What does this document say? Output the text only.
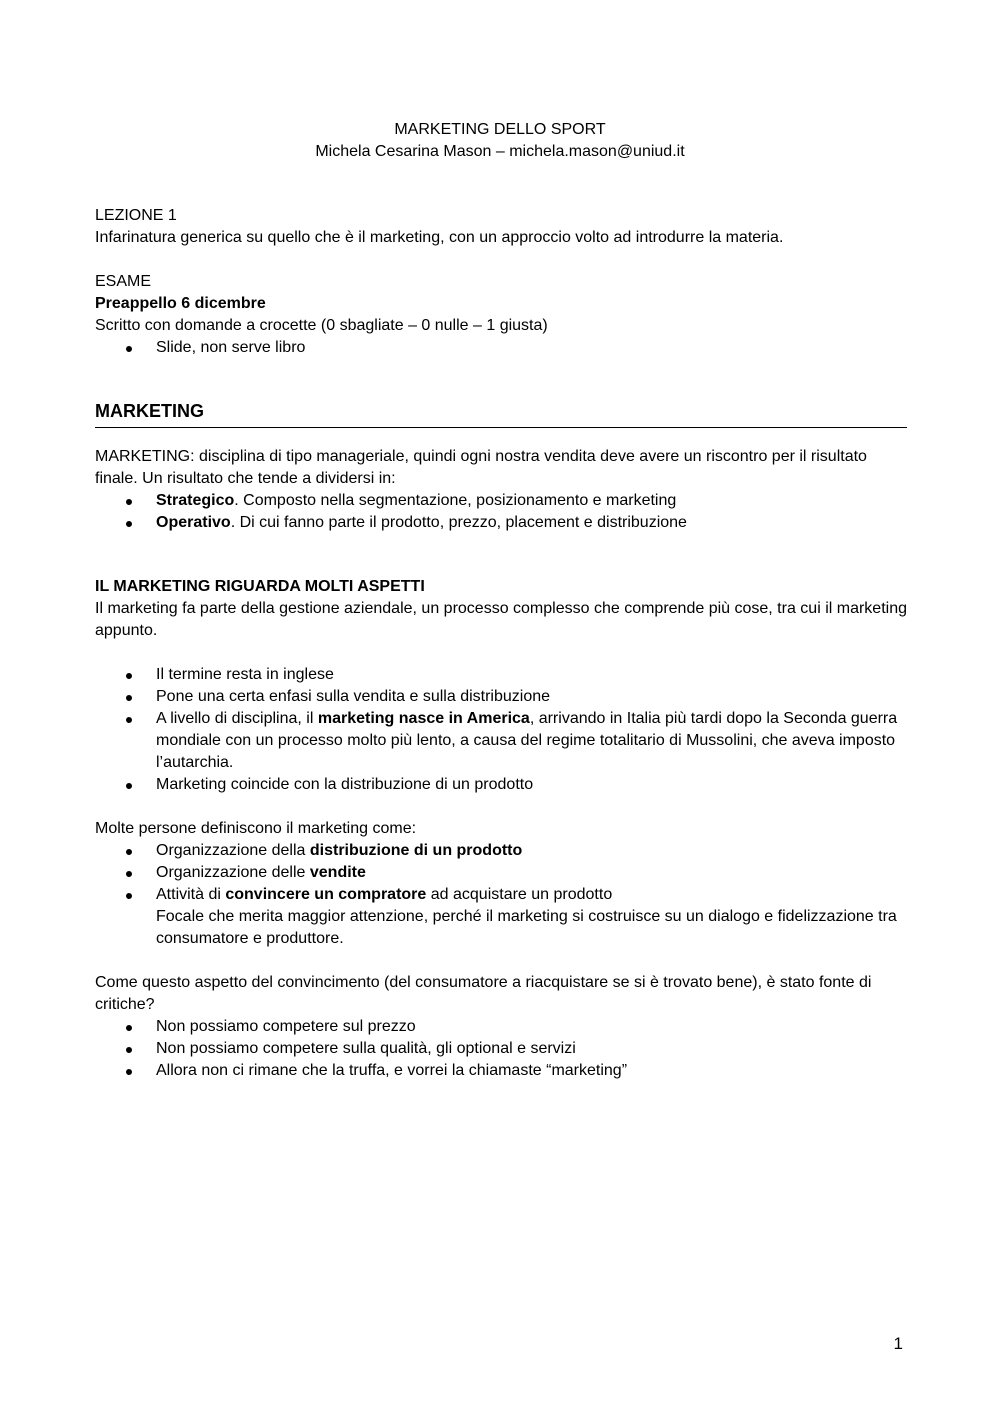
MARKETING DELLO SPORT

Michela Cesarina Mason – michela.mason@uniud.it

LEZIONE 1

Infarinatura generica su quello che è il marketing, con un approccio volto ad introdurre la materia.

ESAME

Preappello 6 dicembre

Scritto con domande a crocette (0 sbagliate – 0 nulle – 1 giusta)

Slide, non serve libro
MARKETING

MARKETING: disciplina di tipo manageriale, quindi ogni nostra vendita deve avere un riscontro per il risultato finale. Un risultato che tende a dividersi in:

Strategico. Composto nella segmentazione, posizionamento e marketing
Operativo. Di cui fanno parte il prodotto, prezzo, placement e distribuzione

IL MARKETING RIGUARDA MOLTI ASPETTI

Il marketing fa parte della gestione aziendale, un processo complesso che comprende più cose, tra cui il marketing appunto.

Il termine resta in inglese
Pone una certa enfasi sulla vendita e sulla distribuzione
A livello di disciplina, il marketing nasce in America, arrivando in Italia più tardi dopo la Seconda guerra mondiale con un processo molto più lento, a causa del regime totalitario di Mussolini, che aveva imposto l’autarchia.
Marketing coincide con la distribuzione di un prodotto

Molte persone definiscono il marketing come:

Organizzazione della distribuzione di un prodotto
Organizzazione delle vendite
Attività di convincere un compratore ad acquistare un prodotto
Focale che merita maggior attenzione, perché il marketing si costruisce su un dialogo e fidelizzazione tra consumatore e produttore.

Come questo aspetto del convincimento (del consumatore a riacquistare se si è trovato bene), è stato fonte di critiche?

Non possiamo competere sul prezzo
Non possiamo competere sulla qualità, gli optional e servizi
Allora non ci rimane che la truffa, e vorrei la chiamaste “marketing”
1
